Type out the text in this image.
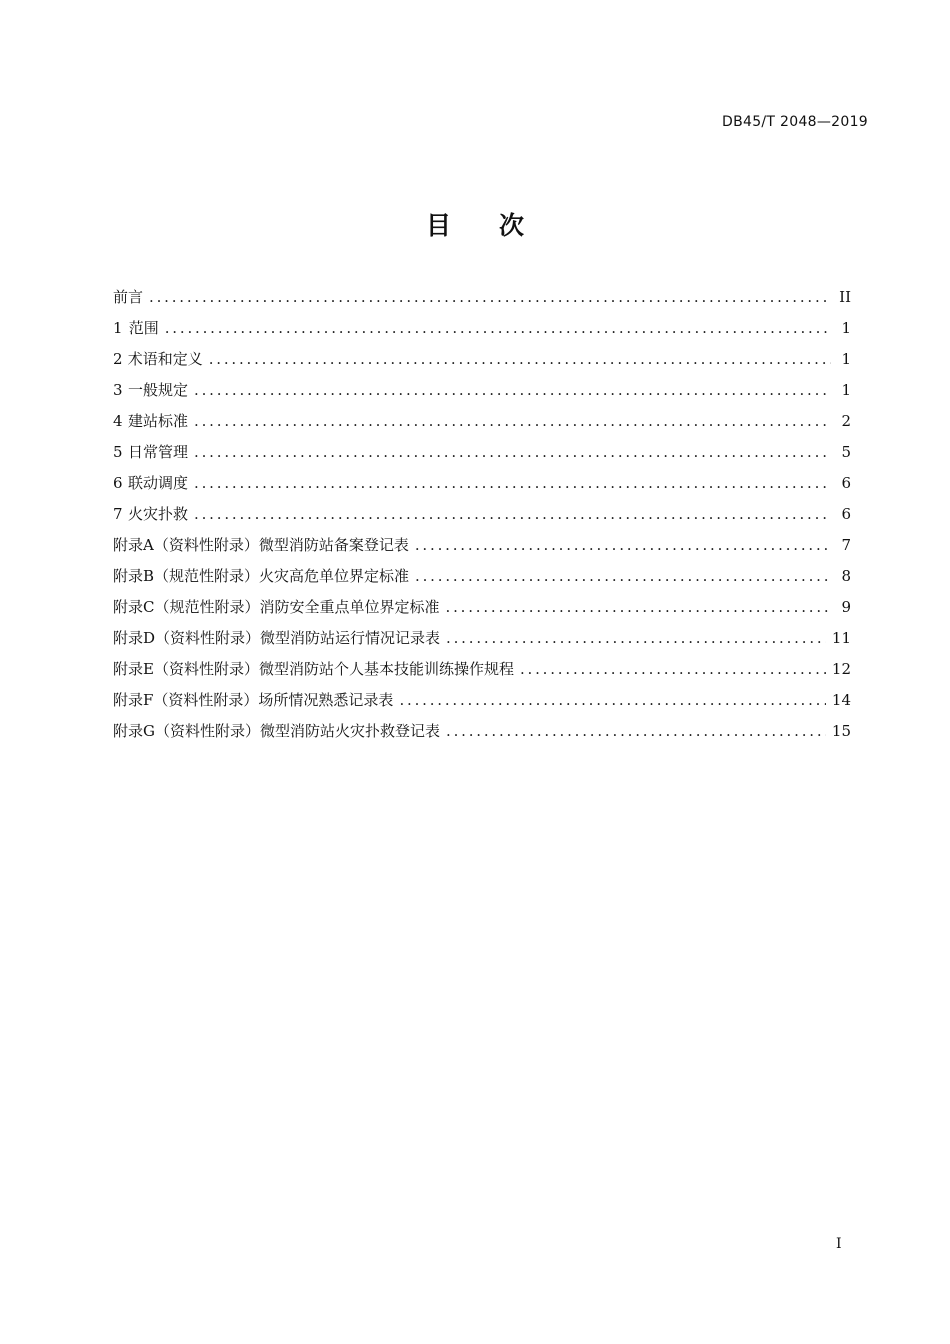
DB45/T 2048—2019
目 次
前言 .....	II
1 范围 .....	1
2 术语和定义 .....	1
3 一般规定 .....	1
4 建站标准 .....	2
5 日常管理 .....	5
6 联动调度 .....	6
7 火灾扑救 .....	6
附录A（资料性附录） 微型消防站备案登记表 .....	7
附录B（规范性附录） 火灾高危单位界定标准 .....	8
附录C（规范性附录） 消防安全重点单位界定标准 .....	9
附录D（资料性附录） 微型消防站运行情况记录表 .....	11
附录E（资料性附录） 微型消防站个人基本技能训练操作规程 .....	12
附录F（资料性附录） 场所情况熟悉记录表 .....	14
附录G（资料性附录） 微型消防站火灾扑救登记表 .....	15
I
